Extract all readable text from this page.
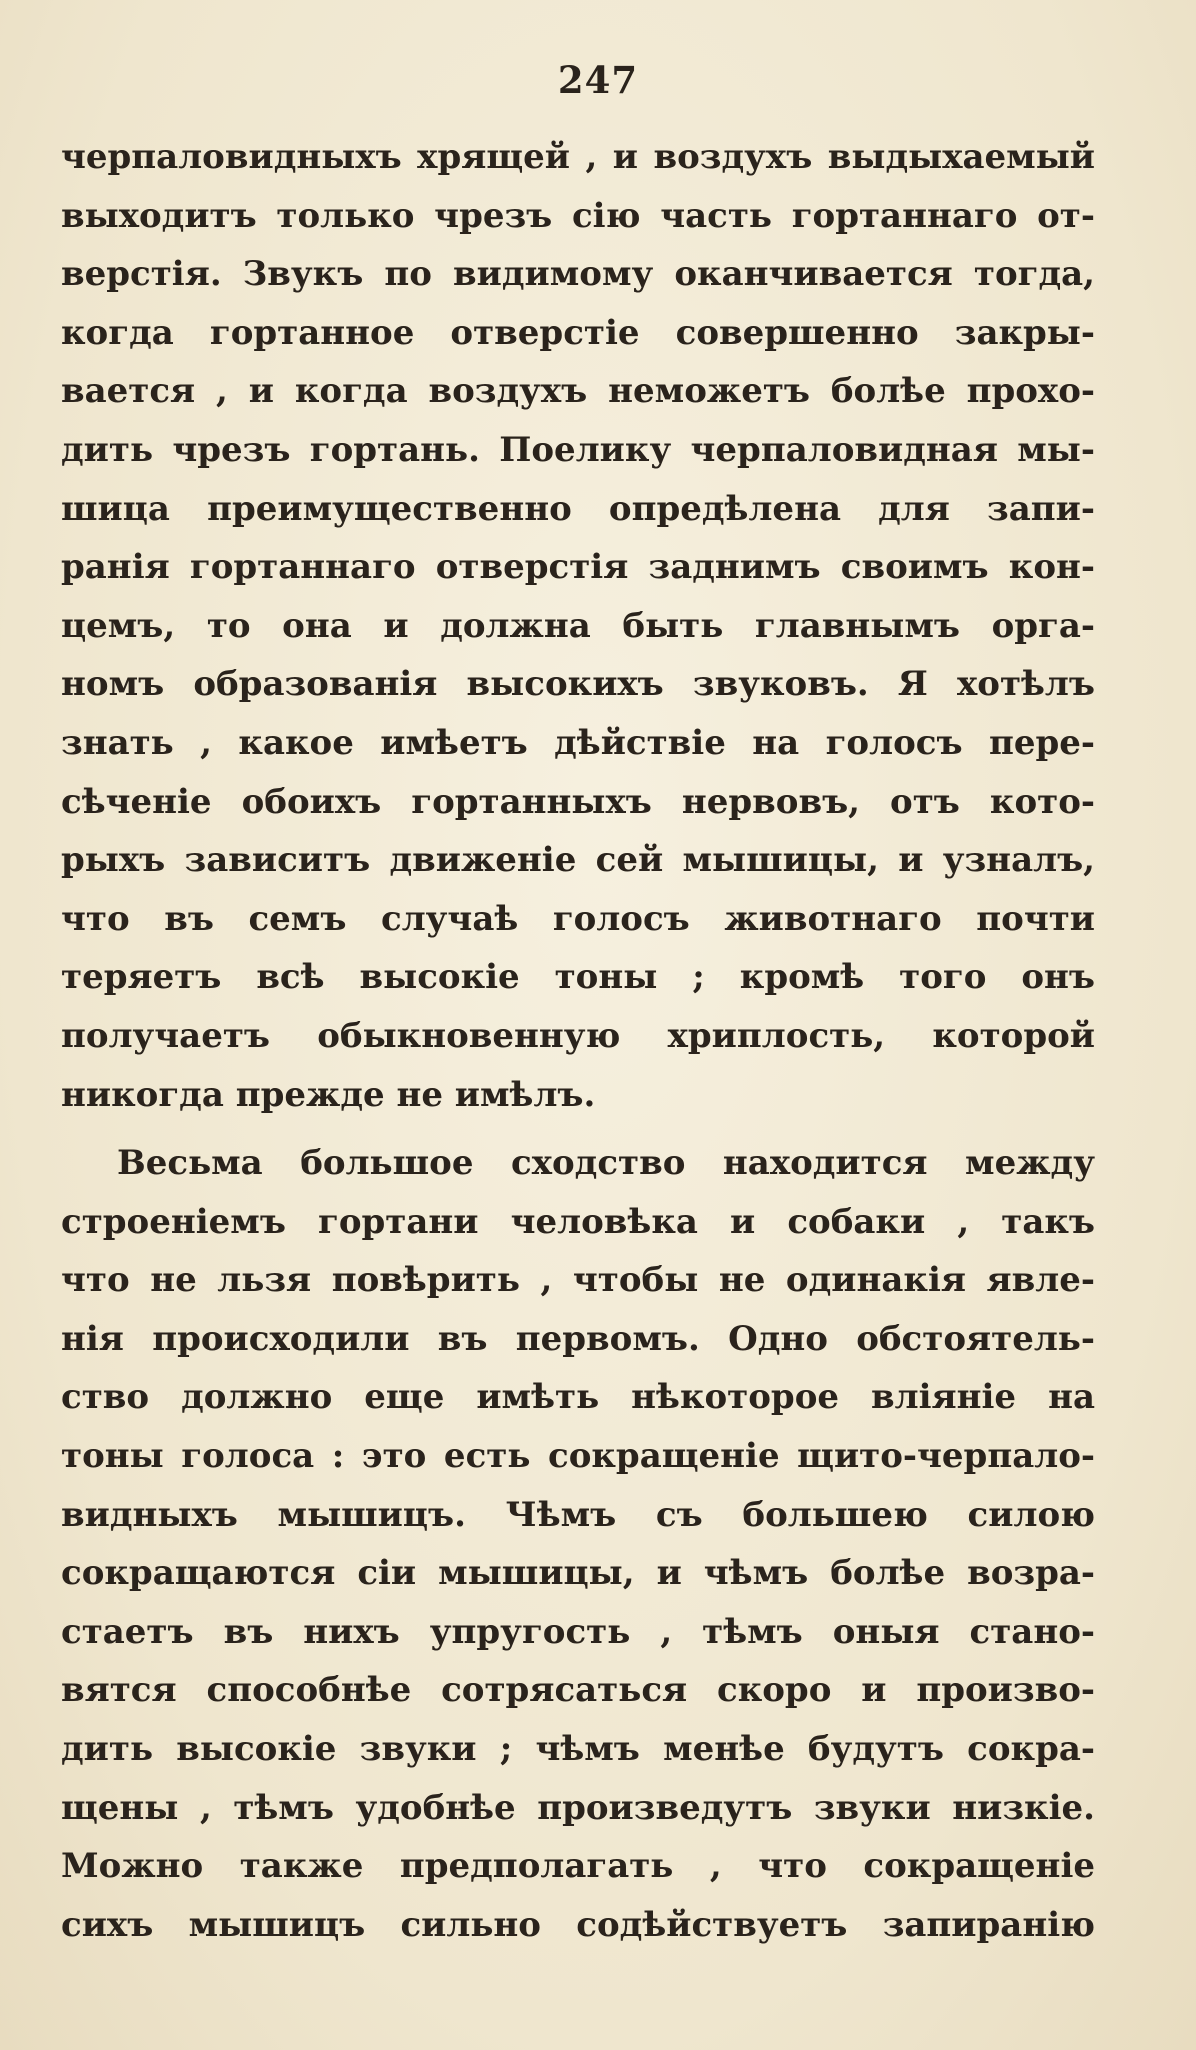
247
черпаловидныхъ хрящей , и воздухъ выдыхаемый
выходитъ только чрезъ сію часть гортаннаго от-
верстія. Звукъ по видимому оканчивается тогда,
когда гортанное отверстіе совершенно закры-
вается , и когда воздухъ неможетъ болѣе прохо-
дить чрезъ гортань. Поелику черпаловидная мы-
шица преимущественно опредѣлена для запи-
ранія гортаннаго отверстія заднимъ своимъ кон-
цемъ, то она и должна быть главнымъ орга-
номъ образованія высокихъ звуковъ. Я хотѣлъ
знать , какое имѣетъ дѣйствіе на голосъ пере-
сѣченіе обоихъ гортанныхъ нервовъ, отъ кото-
рыхъ зависитъ движеніе сей мышицы, и узналъ,
что въ семъ случаѣ голосъ животнаго почти
теряетъ всѣ высокіе тоны ; кромѣ того онъ
получаетъ обыкновенную хриплость, которой
никогда прежде не имѣлъ.
Весьма большое сходство находится между
строеніемъ гортани человѣка и собаки , такъ
что не льзя повѣрить , чтобы не одинакія явле-
нія происходили въ первомъ. Одно обстоятель-
ство должно еще имѣть нѣкоторое вліяніе на
тоны голоса : это есть сокращеніе щито-черпало-
видныхъ мышицъ. Чѣмъ съ большею силою
сокращаются сіи мышицы, и чѣмъ болѣе возра-
стаетъ въ нихъ упругость , тѣмъ оныя стано-
вятся способнѣе сотрясаться скоро и произво-
дить высокіе звуки ; чѣмъ менѣе будутъ сокра-
щены , тѣмъ удобнѣе произведутъ звуки низкіе.
Можно также предполагать , что сокращеніе
сихъ мышицъ сильно содѣйствуетъ запиранію
